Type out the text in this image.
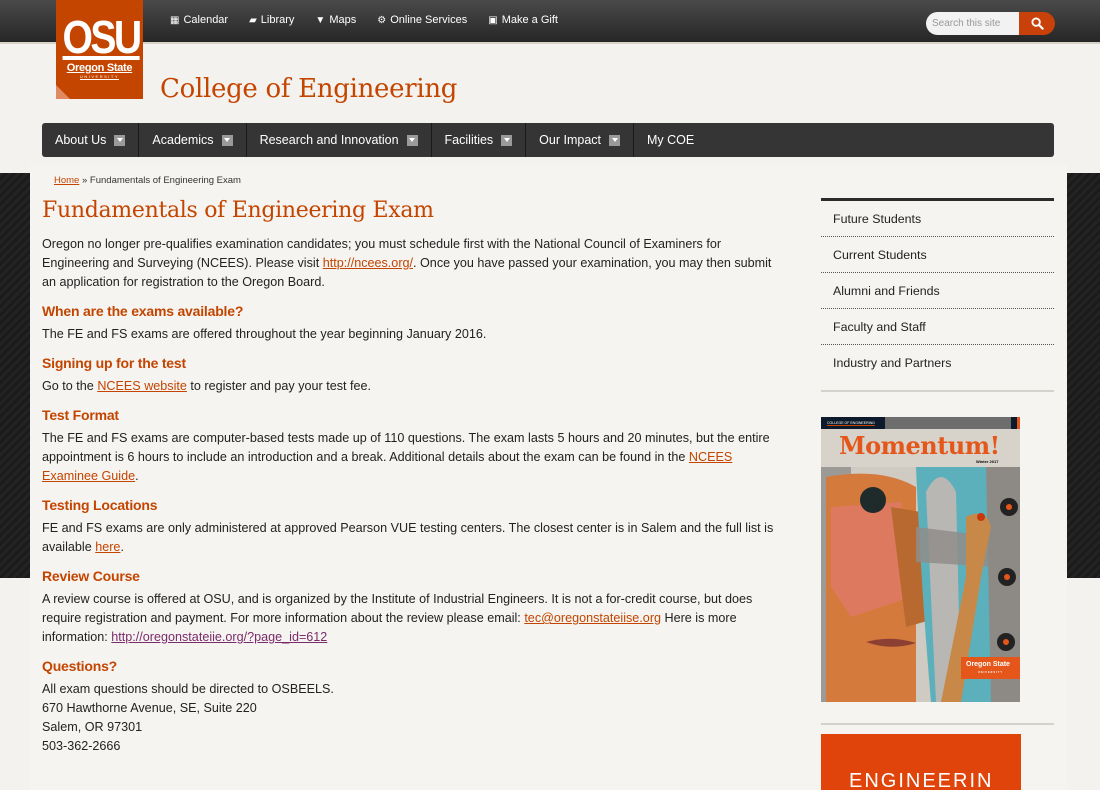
▦ Calendar ▰ Library ▼ Maps ⚙ Online Services ▣ Make a Gift
Search this site
OSU
Oregon State
UNIVERSITY	College of Engineering
About Us	Academics	Research and Innovation	Facilities	Our Impact	My COE
Home » Fundamentals of Engineering Exam
Fundamentals of Engineering Exam

Oregon no longer pre-qualifies examination candidates; you must schedule first with the National Council of Examiners for Engineering and Surveying (NCEES). Please visit http://ncees.org/. Once you have passed your examination, you may then submit an application for registration to the Oregon Board.

When are the exams available?

The FE and FS exams are offered throughout the year beginning January 2016.

Signing up for the test

Go to the NCEES website to register and pay your test fee.

Test Format

The FE and FS exams are computer-based tests made up of 110 questions. The exam lasts 5 hours and 20 minutes, but the entire appointment is 6 hours to include an introduction and a break. Additional details about the exam can be found in the NCEES Examinee Guide.

Testing Locations

FE and FS exams are only administered at approved Pearson VUE testing centers. The closest center is in Salem and the full list is available here.

Review Course

A review course is offered at OSU, and is organized by the Institute of Industrial Engineers. It is not a for-credit course, but does require registration and payment. For more information about the review please email: tec@oregonstateiise.org Here is more information: http://oregonstateiie.org/?page_id=612

Questions?
All exam questions should be directed to OSBEELS.
670 Hawthorne Avenue, SE, Suite 220
Salem, OR 97301
503-362-2666
Future Students
Current Students
Alumni and Friends
Faculty and Staff
Industry and Partners
COLLEGE OF ENGINEERING
Momentum!
Winter 2017
Oregon State
UNIVERSITY
ENGINEERIN
